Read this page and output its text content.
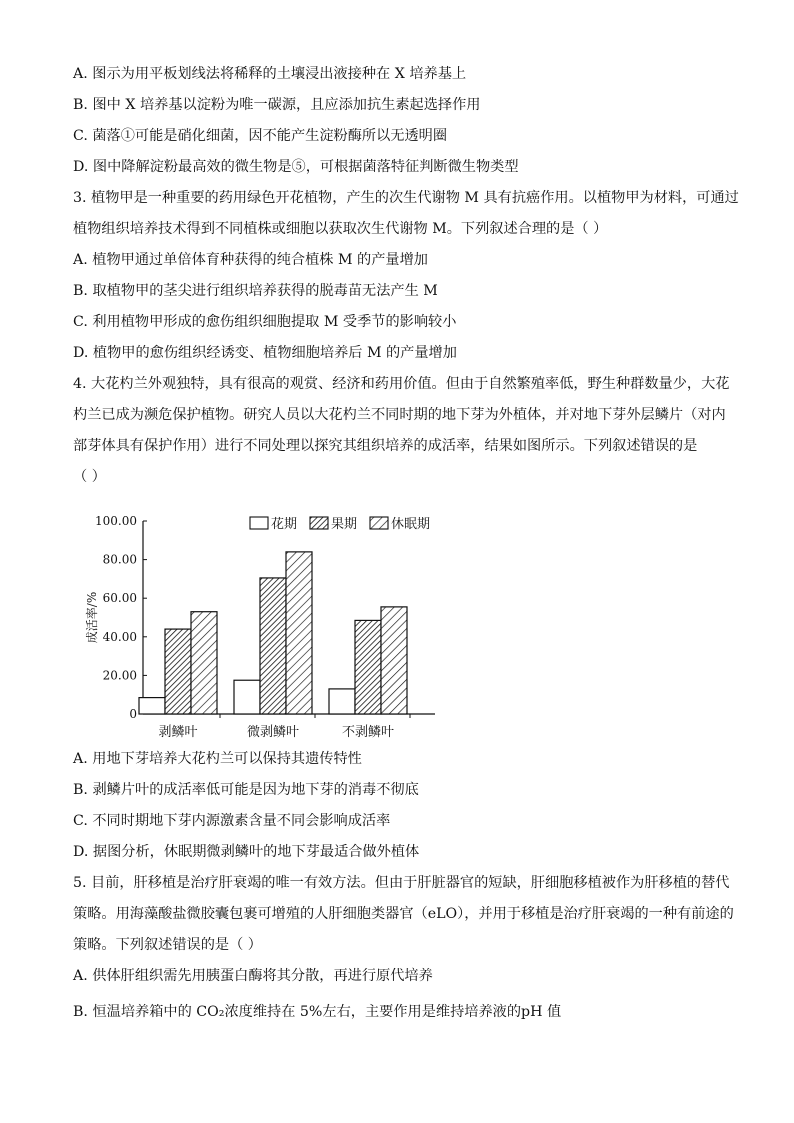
A. 图示为用平板划线法将稀释的土壤浸出液接种在 X 培养基上
B. 图中 X 培养基以淀粉为唯一碳源，且应添加抗生素起选择作用
C. 菌落①可能是硝化细菌，因不能产生淀粉酶所以无透明圈
D. 图中降解淀粉最高效的微生物是⑤，可根据菌落特征判断微生物类型
3. 植物甲是一种重要的药用绿色开花植物，产生的次生代谢物 M 具有抗癌作用。以植物甲为材料，可通过
植物组织培养技术得到不同植株或细胞以获取次生代谢物 M。下列叙述合理的是（ ）
A. 植物甲通过单倍体育种获得的纯合植株 M 的产量增加
B. 取植物甲的茎尖进行组织培养获得的脱毒苗无法产生 M
C. 利用植物甲形成的愈伤组织细胞提取 M 受季节的影响较小
D. 植物甲的愈伤组织经诱变、植物细胞培养后 M 的产量增加
4. 大花杓兰外观独特，具有很高的观赏、经济和药用价值。但由于自然繁殖率低，野生种群数量少，大花
杓兰已成为濒危保护植物。研究人员以大花杓兰不同时期的地下芽为外植体，并对地下芽外层鳞片（对内
部芽体具有保护作用）进行不同处理以探究其组织培养的成活率，结果如图所示。下列叙述错误的是
（ ）
A. 用地下芽培养大花杓兰可以保持其遗传特性
B. 剥鳞片叶的成活率低可能是因为地下芽的消毒不彻底
C. 不同时期地下芽内源激素含量不同会影响成活率
D. 据图分析，休眠期微剥鳞叶的地下芽最适合做外植体
5. 目前，肝移植是治疗肝衰竭的唯一有效方法。但由于肝脏器官的短缺，肝细胞移植被作为肝移植的替代
策略。用海藻酸盐微胶囊包裹可增殖的人肝细胞类器官（eLO），并用于移植是治疗肝衰竭的一种有前途的
策略。下列叙述错误的是（ ）
A. 供体肝组织需先用胰蛋白酶将其分散，再进行原代培养
B. 恒温培养箱中的 CO₂浓度维持在 5%左右，主要作用是维持培养液的pH 值
0
20.00
40.00
60.00
80.00
100.00
成活率/%
剥鳞叶	微剥鳞叶	不剥鳞叶
花期	果期	休眠期
